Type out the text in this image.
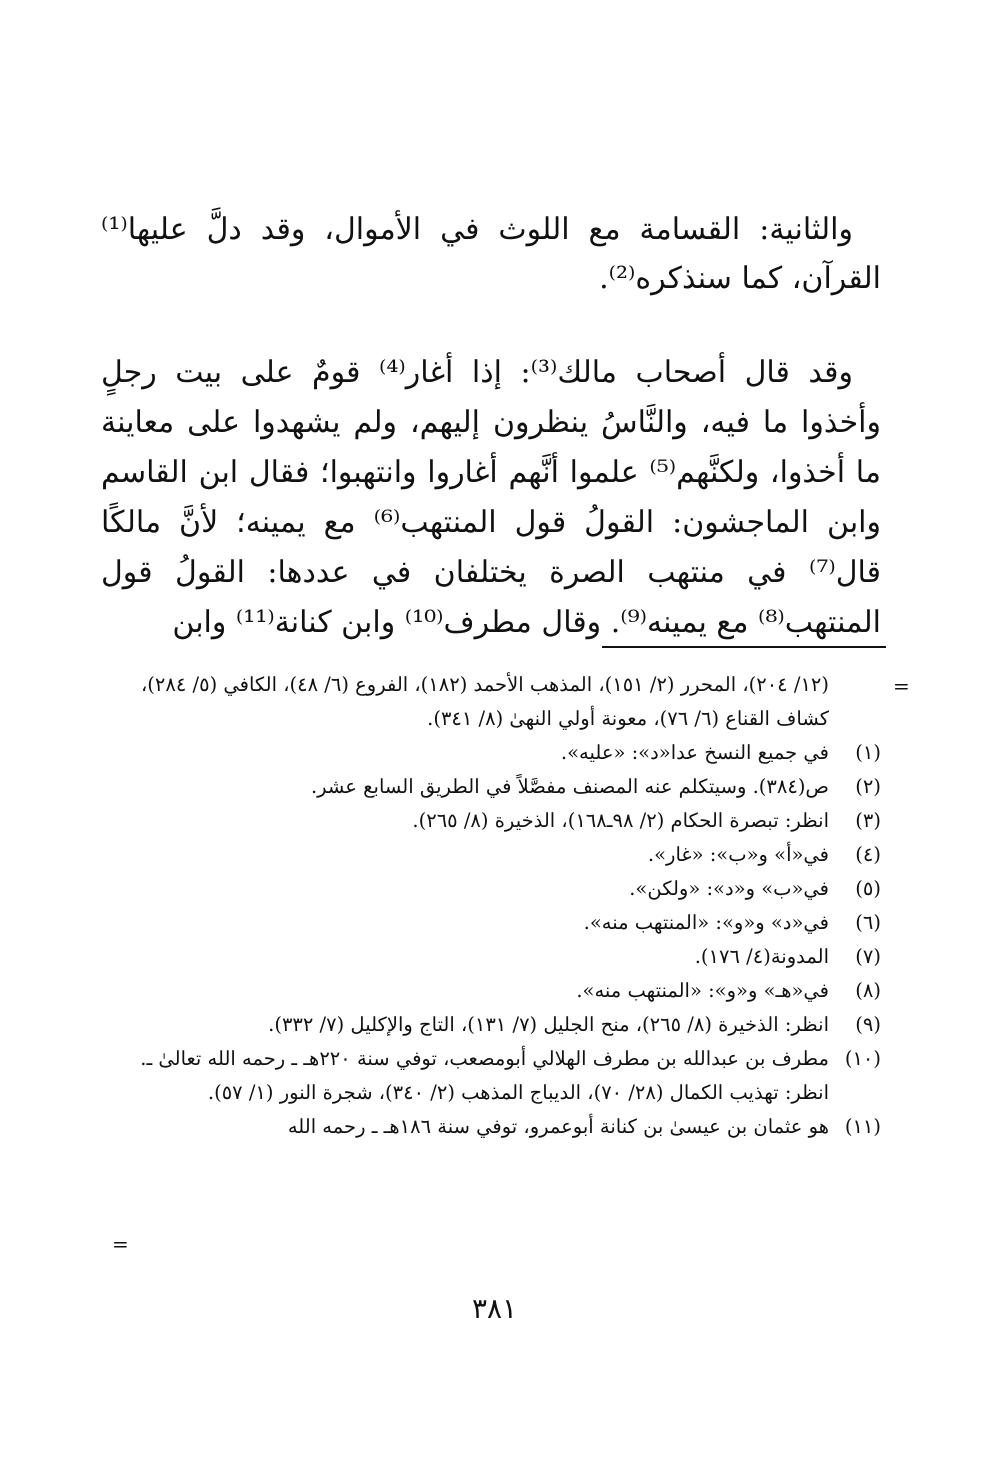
والثانية: القسامة مع اللوث في الأموال، وقد دلَّ عليها⁽¹⁾ القرآن، كما سنذكره⁽²⁾.

وقد قال أصحاب مالك⁽³⁾: إذا أغار⁽⁴⁾ قومٌ على بيت رجلٍ وأخذوا ما فيه، والنَّاسُ ينظرون إليهم، ولم يشهدوا على معاينة ما أخذوا، ولكنَّهم⁽⁵⁾ علموا أنَّهم أغاروا وانتهبوا؛ فقال ابن القاسم وابن الماجشون: القولُ قول المنتهب⁽⁶⁾ مع يمينه؛ لأنَّ مالكًا قال⁽⁷⁾ في منتهب الصرة يختلفان في عددها: القولُ قول المنتهب⁽⁸⁾ مع يمينه⁽⁹⁾. وقال مطرف⁽¹⁰⁾ وابن كنانة⁽¹¹⁾ وابن

=

(١٢/ ٢٠٤)، المحرر (٢/ ١٥١)، المذهب الأحمد (١٨٢)، الفروع (٦/ ٤٨)، الكافي (٥/ ٢٨٤)، كشاف القناع (٦/ ٧٦)، معونة أولي النهىٰ (٨/ ٣٤١).

(١)
في جميع النسخ عدا«د»: «عليه».

(٢)
ص(٣٨٤). وسيتكلم عنه المصنف مفصَّلاً في الطريق السابع عشر.

(٣)
انظر: تبصرة الحكام (٢/ ٩٨ـ١٦٨)، الذخيرة (٨/ ٢٦٥).

(٤)
في«أ» و«ب»: «غار».

(٥)
في«ب» و«د»: «ولكن».

(٦)
في«د» و«و»: «المنتهب منه».

(٧)
المدونة(٤/ ١٧٦).

(٨)
في«هـ» و«و»: «المنتهب منه».

(٩)
انظر: الذخيرة (٨/ ٢٦٥)، منح الجليل (٧/ ١٣١)، التاج والإكليل (٧/ ٣٣٢).

(١٠)
مطرف بن عبدالله بن مطرف الهلالي أبومصعب، توفي سنة ٢٢٠هـ ـ رحمه الله تعالىٰ ـ. انظر: تهذيب الكمال (٢٨/ ٧٠)، الديباج المذهب (٢/ ٣٤٠)، شجرة النور (١/ ٥٧).

(١١)
هو عثمان بن عيسىٰ بن كنانة أبوعمرو، توفي سنة ١٨٦هـ ـ رحمه الله

=
٣٨١
